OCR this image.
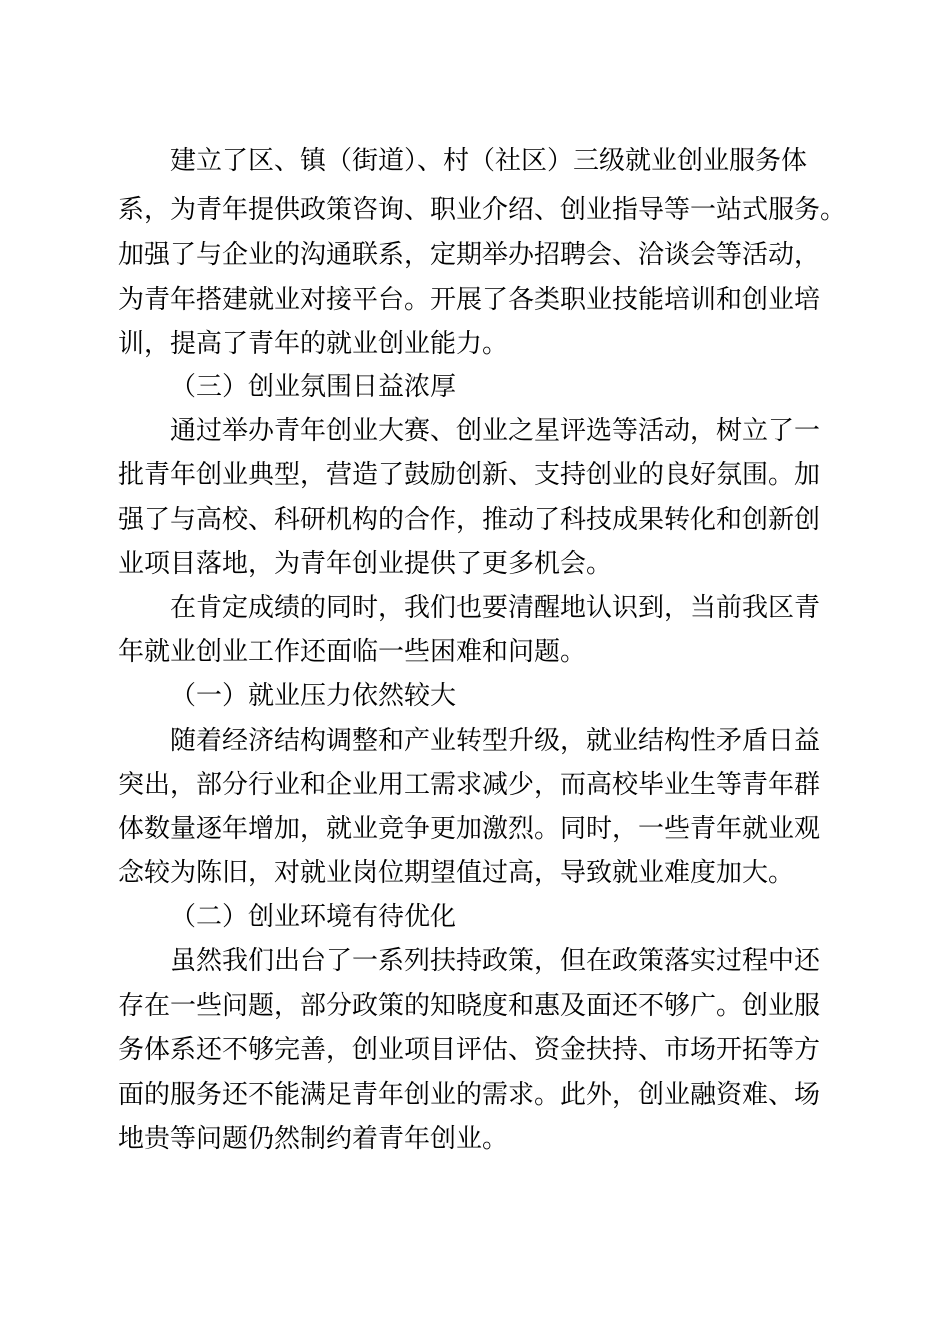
建立了区、镇（街道）、村（社区）三级就业创业服务体
系，为青年提供政策咨询、职业介绍、创业指导等一站式服务。
加强了与企业的沟通联系，定期举办招聘会、洽谈会等活动，
为青年搭建就业对接平台。开展了各类职业技能培训和创业培
训，提高了青年的就业创业能力。
（三）创业氛围日益浓厚
通过举办青年创业大赛、创业之星评选等活动，树立了一
批青年创业典型，营造了鼓励创新、支持创业的良好氛围。加
强了与高校、科研机构的合作，推动了科技成果转化和创新创
业项目落地，为青年创业提供了更多机会。
在肯定成绩的同时，我们也要清醒地认识到，当前我区青
年就业创业工作还面临一些困难和问题。
（一）就业压力依然较大
随着经济结构调整和产业转型升级，就业结构性矛盾日益
突出，部分行业和企业用工需求减少，而高校毕业生等青年群
体数量逐年增加，就业竞争更加激烈。同时，一些青年就业观
念较为陈旧，对就业岗位期望值过高，导致就业难度加大。
（二）创业环境有待优化
虽然我们出台了一系列扶持政策，但在政策落实过程中还
存在一些问题，部分政策的知晓度和惠及面还不够广。创业服
务体系还不够完善，创业项目评估、资金扶持、市场开拓等方
面的服务还不能满足青年创业的需求。此外，创业融资难、场
地贵等问题仍然制约着青年创业。
